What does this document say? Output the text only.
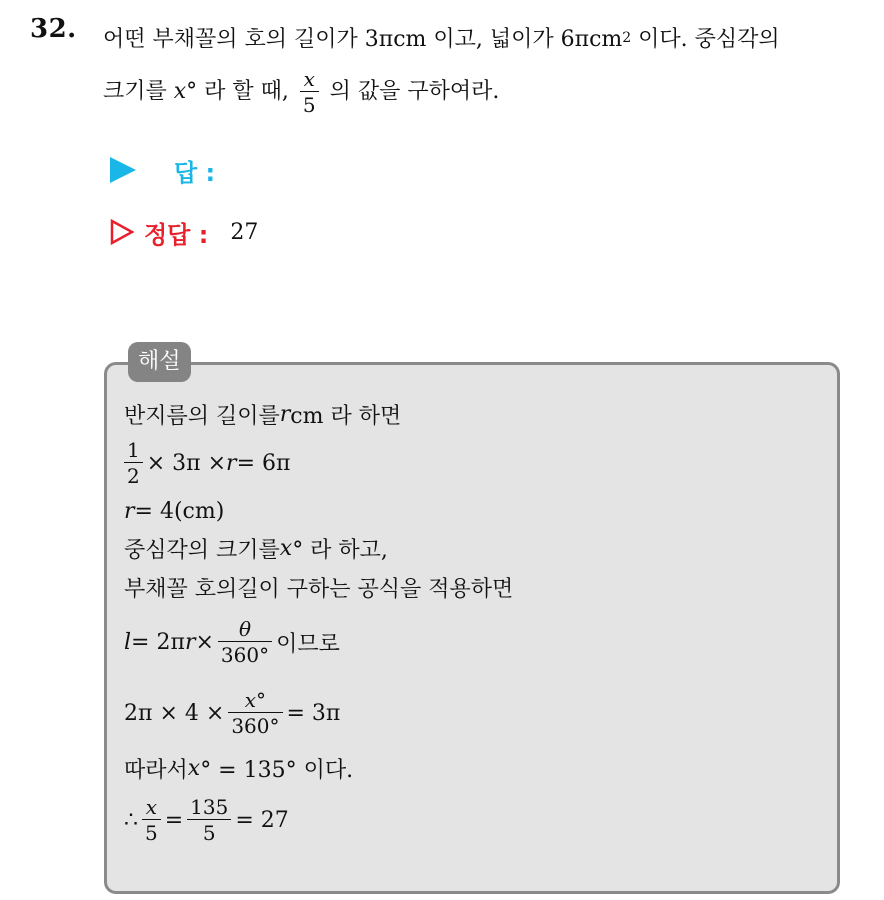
32. 어떤 부채꼴의 호의 길이가 3πcm 이고, 넓이가 6πcm$^2$ 이다. 중심각의
크기를 x° 라 할 때, $\frac{x}{5}$ 의 값을 구하여라.
답 :
정답 : 27
해설
반지름의 길이를 r cm 라 하면
$\frac{1}{2} \times 3\pi \times r = 6\pi$
r = 4(cm)
중심각의 크기를 x ° 라 하고,
부채꼴 호의길이 구하는 공식을 적용하면
l = 2π $r \times \frac{\theta}{360^\circ}$ 이므로
$2\pi \times 4 \times \frac{x^\circ}{360^\circ} = 3\pi$
따라서 x ° = 135° 이다.
∴ $\frac{x}{5} = \frac{135}{5} = 27$
